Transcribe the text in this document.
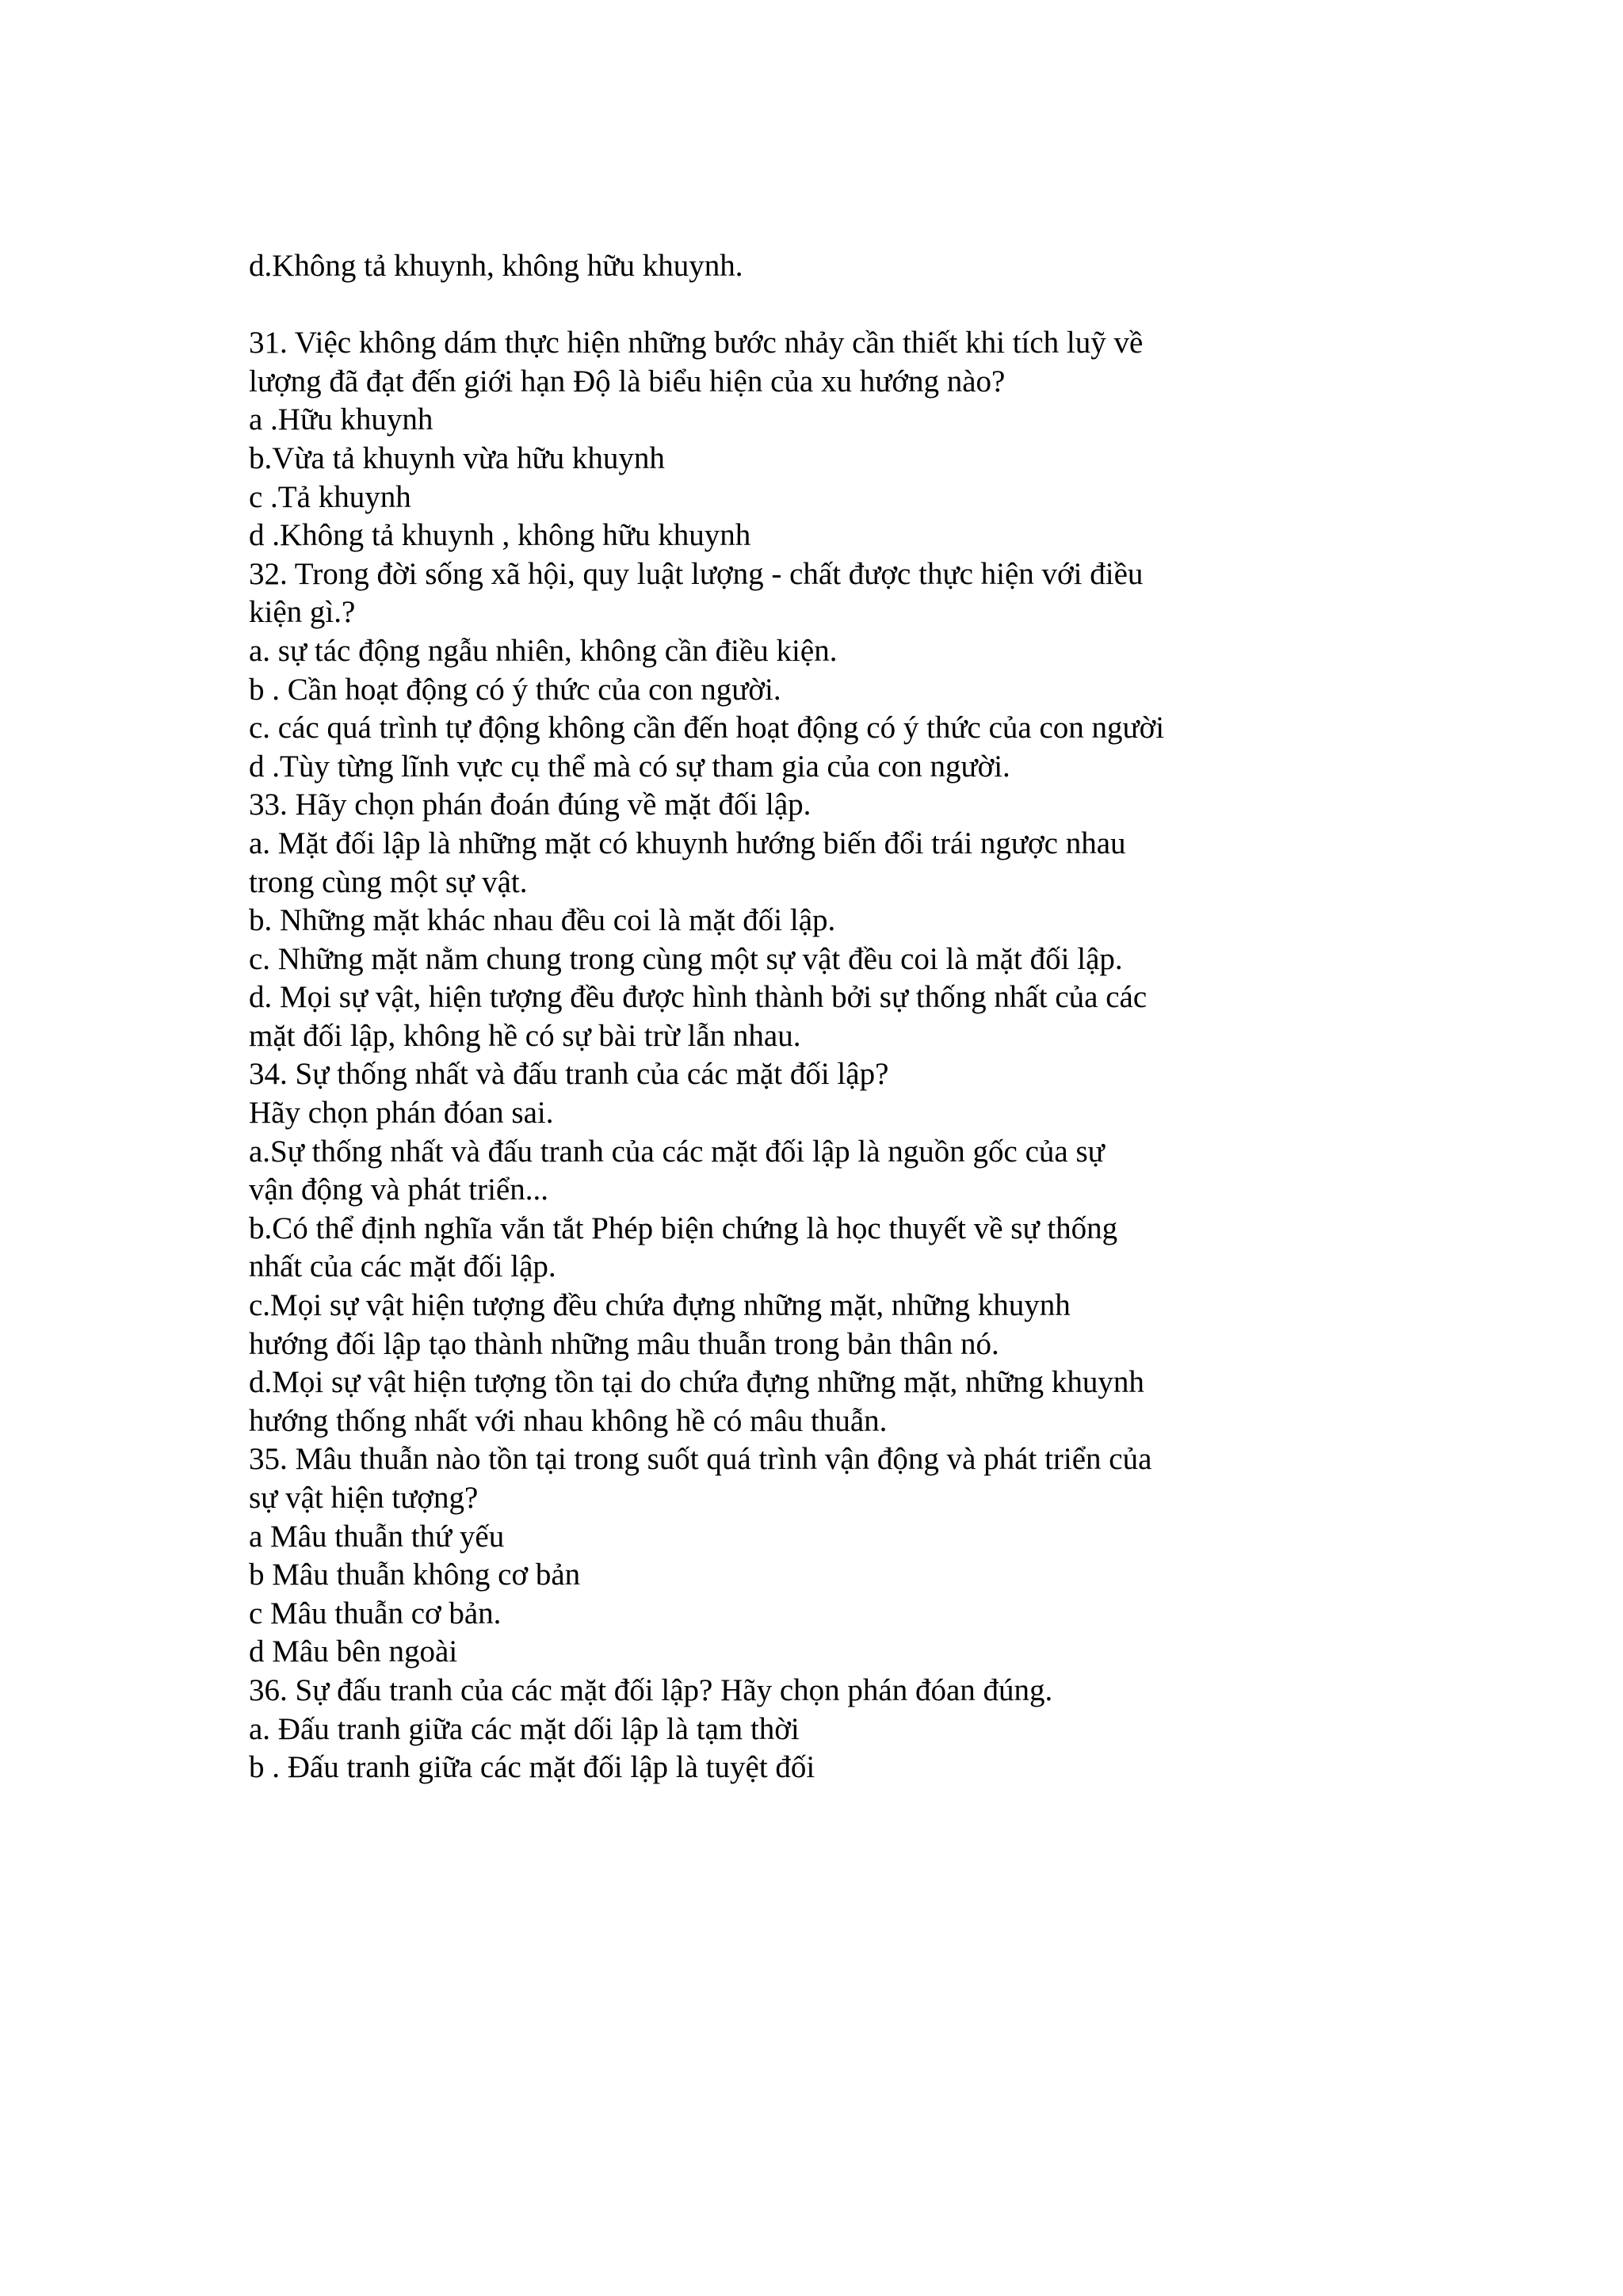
d.Không tả khuynh, không hữu khuynh.
31. Việc không dám thực hiện những bước nhảy cần thiết khi tích luỹ về
lượng đã đạt đến giới hạn Độ là biểu hiện của xu hướng nào?
a .Hữu khuynh
b.Vừa tả khuynh vừa hữu khuynh
c .Tả khuynh
d .Không tả khuynh , không hữu khuynh
32. Trong đời sống xã hội, quy luật lượng - chất được thực hiện với điều
kiện gì.?
a. sự tác động ngẫu nhiên, không cần điều kiện.
b . Cần hoạt động có ý thức của con người.
c. các quá trình tự động không cần đến hoạt động có ý thức của con người
d .Tùy từng lĩnh vực cụ thể mà có sự tham gia của con người.
33. Hãy chọn phán đoán đúng về mặt đối lập.
a. Mặt đối lập là những mặt có khuynh hướng biến đổi trái ngược nhau
trong cùng một sự vật.
b. Những mặt khác nhau đều coi là mặt đối lập.
c. Những mặt nằm chung trong cùng một sự vật đều coi là mặt đối lập.
d. Mọi sự vật, hiện tượng đều được hình thành bởi sự thống nhất của các
mặt đối lập, không hề có sự bài trừ lẫn nhau.
34. Sự thống nhất và đấu tranh của các mặt đối lập?
Hãy chọn phán đóan sai.
a.Sự thống nhất và đấu tranh của các mặt đối lập là nguồn gốc của sự
vận động và phát triển...
b.Có thể định nghĩa vắn tắt Phép biện chứng là học thuyết về sự thống
nhất của các mặt đối lập.
c.Mọi sự vật hiện tượng đều chứa đựng những mặt, những khuynh
hướng đối lập tạo thành những mâu thuẫn trong bản thân nó.
d.Mọi sự vật hiện tượng tồn tại do chứa đựng những mặt, những khuynh
hướng thống nhất với nhau không hề có mâu thuẫn.
35. Mâu thuẫn nào tồn tại trong suốt quá trình vận động và phát triển của
sự vật hiện tượng?
a Mâu thuẫn thứ yếu
b Mâu thuẫn không cơ bản
c Mâu thuẫn cơ bản.
d Mâu bên ngoài
36. Sự đấu tranh của các mặt đối lập? Hãy chọn phán đóan đúng.
a. Đấu tranh giữa các mặt dối lập là tạm thời
b . Đấu tranh giữa các mặt đối lập là tuyệt đối
